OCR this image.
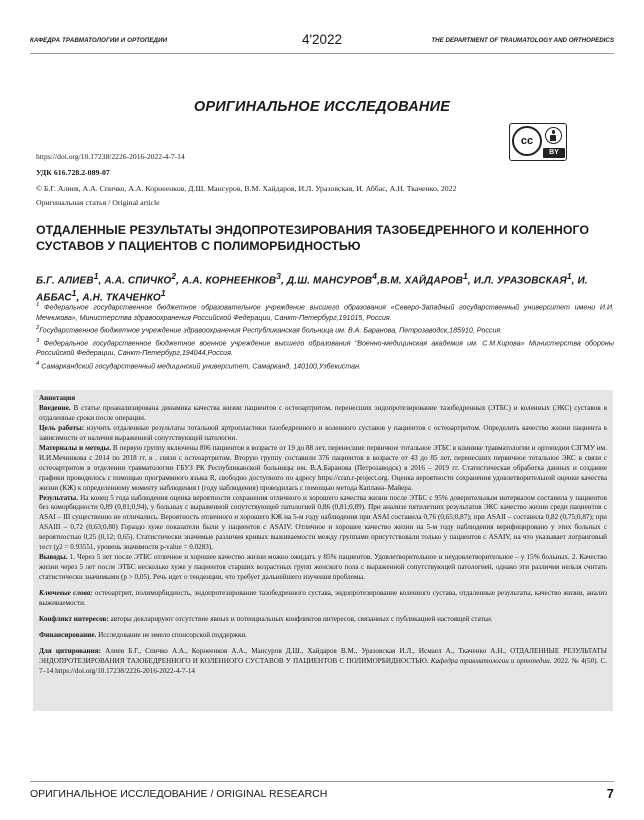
КАФЕДРА ТРАВМАТОЛОГИИ И ОРТОПЕДИИ	4'2022	THE DEPARTMENT OF TRAUMATOLOGY AND ORTHOPEDICS
ОРИГИНАЛЬНОЕ ИССЛЕДОВАНИЕ
cc
BY
https://doi.org/10.17238/2226-2016-2022-4-7-14
УДК 616.728.2-089-07
© Б.Г. Алиев, А.А. Спичко, А.А. Корнеенков, Д.Ш. Мансуров, В.М. Хайдаров, И.Л. Уразовская, И. Аббас, А.Н. Ткаченко, 2022
Оригинальная статья / Original article
ОТДАЛЕННЫЕ РЕЗУЛЬТАТЫ ЭНДОПРОТЕЗИРОВАНИЯ ТАЗОБЕДРЕННОГО И КОЛЕННОГО СУСТАВОВ У ПАЦИЕНТОВ С ПОЛИМОРБИДНОСТЬЮ
Б.Г. АЛИЕВ$^1$, А.А. СПИЧКО$^2$, А.А. КОРНЕЕНКОВ$^3$, Д.Ш. МАНСУРОВ$^4$,В.М. ХАЙДАРОВ$^1$, И.Л. УРАЗОВСКАЯ$^1$, И. АББАС$^1$, А.Н. ТКАЧЕНКО$^1$

$^1$ Федеральное государственное бюджетное образовательное учреждение высшего образования «Северо-Западный государственный университет имени И.И. Мечникова», Министерства здравоохранения Российской Федерации, Санкт-Петербург,191015, Россия.

$^2$Государственное бюджетное учреждение здравоохранения Республиканская больница им. В.А. Баранова, Петрозаводск,185910, Россия.

$^3$ Федеральное государственное бюджетное военное учреждение высшего образования "Военно-медицинская академия им. С.М.Кирова» Министерства обороны Российской Федерации, Санкт-Петербург,194044,Россия.

$^4$ Самаркандский государственный медицинский университет, Самарканд, 140100,Узбекистан.

Аннотация

Введение. В статье проанализирована динамика качества жизни пациентов с остеоартритом, перенесших эндопротезирование тазобедренных (ЭТБС) и коленных (ЭКС) суставов в отдаленные сроки после операции.

Цель работы: изучить отдаленные результаты тотальной артропластики тазобедренного и коленного суставов у пациентов с остеоартритом. Определить качество жизни пациента в зависимости от наличия выраженной сопутствующей патологии.

Материалы и методы. В первую группу включены 806 пациентов в возрасте от 19 до 88 лет, перенесшие первичное тотальное ЭТБС в клинике травматологии и ортопедии СЗГМУ им. И.И.Мечникова с 2014 по 2018 гг. в . связи с остеоартритом. Вторую группу составили 376 пациентов в возрасте от 43 до 85 лет, перенесших первичное тотальное ЭКС в связи с остеоартритом в отделении травматологии ГБУЗ РК Республиканской больницы им. В.А.Баранова (Петрозаводск) в 2016 – 2019 гг. Статистическая обработка данных и создание графики проводилось с помощью программного языка R, свободно доступного по адресу https://cran.r-project.org. Оценка вероятности сохранения удовлетворительной оценки качества жизни (КЖ) к определенному моменту наблюдения t (году наблюдения) проводилась с помощью метода Каплана–Майера.

Результаты. На конец 5 года наблюдения оценка вероятности сохранения отличного и хорошего качества жизни после ЭТБС с 95% доверительным интервалом составила у пациентов без коморбидности 0,89 (0,81;0,94), у больных с выраженной сопутствующей патологией 0,86 (0,81;0,89). При анализе пятилетних результатов ЭКС качество жизни среди пациентов с ASAI – III существенно не отличались. Вероятность отличного и хорошего КЖ на 5-м году наблюдения при ASAI составила 0,76 (0,65;0,87); при ASAII – составила 0,82 (0,75;0,87); при ASAIII – 0,72 (0,63;0,80) Гораздо хуже показатели были у пациентов с ASAIV. Отличное и хорошее качество жизни на 5-м году наблюдения верифицировано у этих больных с вероятностью 0,25 (0,12; 0,65). Статистически значимые различия кривых выживаемости между группами присутствовали только у пациентов с ASAIV, на что указывает логранговый тест (χ2 = 0.93551, уровень значимости p-value = 0.0283).

Выводы. 1. Через 5 лет после ЭТБС отличное и хорошее качество жизни можно ожидать у 85% пациентов. Удовлетворительное и неудовлетворительное – у 15% больных. 2. Качество жизни через 5 лет после ЭТБС несколько хуже у пациентов старших возрастных групп женского пола с выраженной сопутствующей патологией, однако эти различия нельзя считать статистически значимыми (p > 0,05). Речь идет о тенденции, что требует дальнейшего изучения проблемы.

Ключевые слова: остеоартрит, полиморбидность, эндопротезирование тазобедренного сустава, эндопротезирование коленного сустава, отдаленные результаты, качество жизни, анализ выживаемости.

Конфликт интересов: авторы декларируют отсутствие явных и потенциальных конфликтов интересов, связанных с публикацией настоящей статьи.

Финансирование. Исследование не имело спонсорской поддержки.

Для цитирования: Алиев Б.Г., Спичко А.А., Корнеенков А.А., Мансуров Д.Ш., Хайдаров В.М., Уразовская И.Л., Исмаел А., Ткаченко А.Н., ОТДАЛЕННЫЕ РЕЗУЛЬТАТЫ ЭНДОПРОТЕЗИРОВАНИЯ ТАЗОБЕДРЕННОГО И КОЛЕННОГО СУСТАВОВ У ПАЦИЕНТОВ С ПОЛИМОРБИДНОСТЬЮ. Кафедра травматологии и ортопедии. 2022. № 4(50). С. 7–14 https://doi.org/10.17238/2226-2016-2022-4-7-14

ОРИГИНАЛЬНОЕ ИССЛЕДОВАНИЕ / ORIGINAL RESEARCH	7
